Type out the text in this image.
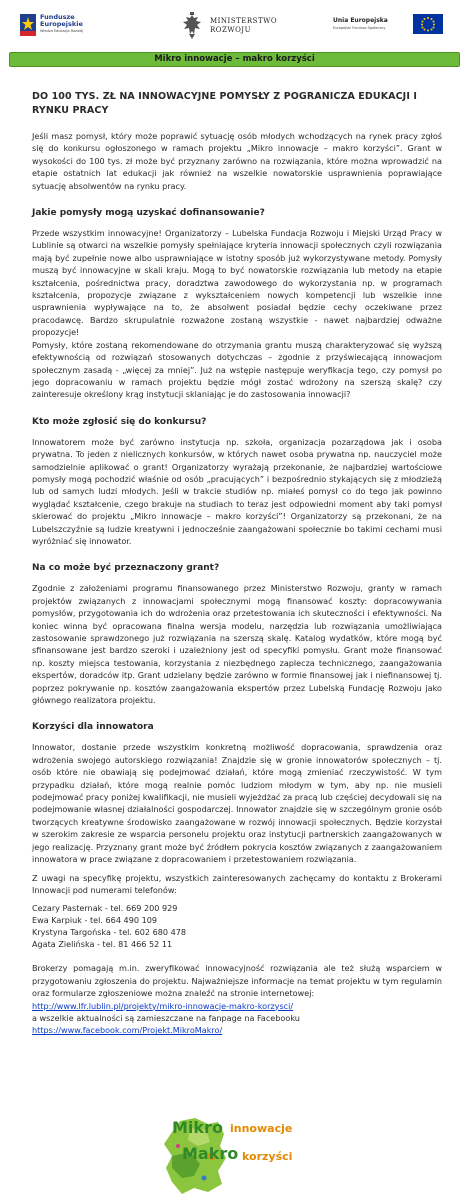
Fundusze
Europejskie
Wiedza Edukacja Rozwój
MINISTERSTWO
ROZWOJU
Unia Europejska
Europejski Fundusz Społeczny
Mikro innowacje – makro korzyści
DO 100 TYS. ZŁ NA INNOWACYJNE POMYSŁY Z POGRANICZA EDUKACJI I RYNKU PRACY
Jeśli masz pomysł, który może poprawić sytuację osób młodych wchodzących na rynek pracy zgłoś się do konkursu ogłoszonego w ramach projektu „Mikro innowacje – makro korzyści”. Grant w wysokości do 100 tys. zł może być przyznany zarówno na rozwiązania, które można wprowadzić na etapie ostatnich lat edukacji jak również na wszelkie nowatorskie usprawnienia poprawiające sytuację absolwentów na rynku pracy.
Jakie pomysły mogą uzyskać dofinansowanie?
Przede wszystkim innowacyjne! Organizatorzy – Lubelska Fundacja Rozwoju i Miejski Urząd Pracy w Lublinie są otwarci na wszelkie pomysły spełniające kryteria innowacji społecznych czyli rozwiązania mają być zupełnie nowe albo usprawniające w istotny sposób już wykorzystywane metody. Pomysły muszą być innowacyjne w skali kraju. Mogą to być nowatorskie rozwiązania lub metody na etapie kształcenia, pośrednictwa pracy, doradztwa zawodowego do wykorzystania np. w programach kształcenia, propozycje związane z wykształceniem nowych kompetencji lub wszelkie inne usprawnienia wypływające na to, że absolwent posiadał będzie cechy oczekiwane przez pracodawcę. Bardzo skrupulatnie rozważone zostaną wszystkie - nawet najbardziej odważne propozycje!
Pomysły, które zostaną rekomendowane do otrzymania grantu muszą charakteryzować się wyższą efektywnością od rozwiązań stosowanych dotychczas – zgodnie z przyświecającą innowacjom społecznym zasadą - „więcej za mniej”. Już na wstępie następuje weryfikacja tego, czy pomysł po jego dopracowaniu w ramach projektu będzie mógł zostać wdrożony na szerszą skalę? czy zainteresuje określony krąg instytucji sklaniając je do zastosowania innowacji?
Kto może zgłosić się do konkursu?
Innowatorem może być zarówno instytucja np. szkoła, organizacja pozarządowa jak i osoba prywatna. To jeden z nielicznych konkursów, w których nawet osoba prywatna np. nauczyciel może samodzielnie aplikować o grant! Organizatorzy wyrażają przekonanie, że najbardziej wartościowe pomysły mogą pochodzić właśnie od osób „pracujących” i bezpośrednio stykających się z młodzieżą lub od samych ludzi młodych. Jeśli w trakcie studiów np. miałeś pomysł co do tego jak powinno wyglądać kształcenie, czego brakuje na studiach to teraz jest odpowiedni moment aby taki pomysł skierować do projektu „Mikro innowacje – makro korzyści”! Organizatorzy są przekonani, że na Lubelszczyźnie są ludzie kreatywni i jednocześnie zaangażowani społecznie bo takimi cechami musi wyróżniać się innowator.
Na co może być przeznaczony grant?
Zgodnie z założeniami programu finansowanego przez Ministerstwo Rozwoju, granty w ramach projektów związanych z innowacjami społecznymi mogą finansować koszty: dopracowywania pomysłów, przygotowania ich do wdrożenia oraz przetestowania ich skuteczności i efektywności. Na koniec winna być opracowana finalna wersja modelu, narzędzia lub rozwiązania umożliwiająca zastosowanie sprawdzonego już rozwiązania na szerszą skalę. Katalog wydatków, które mogą być sfinansowane jest bardzo szeroki i uzależniony jest od specyfiki pomysłu. Grant może finansować np. koszty miejsca testowania, korzystania z niezbędnego zaplecza technicznego, zaangażowania ekspertów, doradców itp. Grant udzielany będzie zarówno w formie finansowej jak i niefinansowej tj. poprzez pokrywanie np. kosztów zaangażowania ekspertów przez Lubelską Fundację Rozwoju jako głównego realizatora projektu.
Korzyści dla innowatora
Innowator, dostanie przede wszystkim konkretną możliwość dopracowania, sprawdzenia oraz wdrożenia swojego autorskiego rozwiązania! Znajdzie się w gronie innowatorów społecznych – tj. osób które nie obawiają się podejmować działań, które mogą zmieniać rzeczywistość. W tym przypadku działań, które mogą realnie pomóc ludziom młodym w tym, aby np. nie musieli podejmować pracy poniżej kwalifikacji, nie musieli wyjeżdżać za pracą lub częściej decydowali się na podejmowanie własnej działalności gospodarczej. Innowator znajdzie się w szczególnym gronie osób tworzących kreatywne środowisko zaangażowane w rozwój innowacji społecznych. Będzie korzystał w szerokim zakresie ze wsparcia personelu projektu oraz instytucji partnerskich zaangażowanych w jego realizację. Przyznany grant może być źródłem pokrycia kosztów związanych z zaangażowaniem innowatora w prace związane z dopracowaniem i przetestowaniem rozwiązania.
Z uwagi na specyfikę projektu, wszystkich zainteresowanych zachęcamy do kontaktu z Brokerami Innowacji pod numerami telefonów:
Cezary Pasternak - tel. 669 200 929
Ewa Karpiuk - tel. 664 490 109
Krystyna Targońska - tel. 602 680 478
Agata Zielińska - tel. 81 466 52 11
Brokerzy pomagają m.in. zweryfikować innowacyjność rozwiązania ale też służą wsparciem w przygotowaniu zgłoszenia do projektu. Najważniejsze informacje na temat projektu w tym regulamin oraz formularze zgłoszeniowe można znaleźć na stronie internetowej:
http://www.lfr.lublin.pl/projekty/mikro-innowacje-makro-korzysci/
a wszelkie aktualności są zamieszczane na fanpage na Facebooku
https://www.facebook.com/Projekt.MikroMakro/
Mikro innowacje
Makro korzyści
